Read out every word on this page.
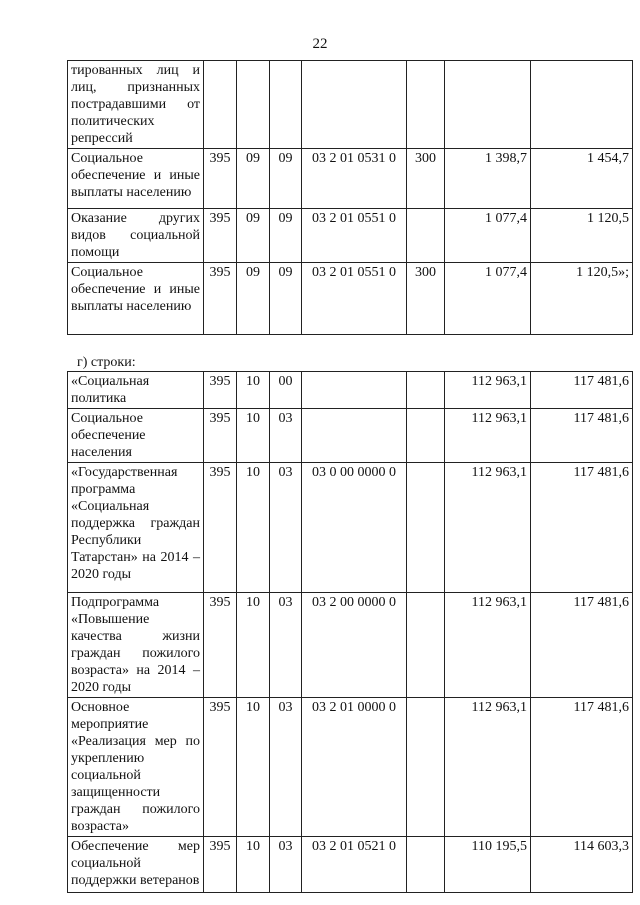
22
тированных лиц и лиц, признанных пострадавшими от политических репрессий							
Социальное обеспечение и иные выплаты населению	395	09	09	03 2 01 0531 0	300	1 398,7	1 454,7
Оказание других видов социальной помощи	395	09	09	03 2 01 0551 0		1 077,4	1 120,5
Социальное обеспечение и иные выплаты населению	395	09	09	03 2 01 0551 0	300	1 077,4	1 120,5»;
г) строки:
«Социальная политика	395	10	00			112 963,1	117 481,6
Социальное обеспечение населения	395	10	03			112 963,1	117 481,6
«Государственная программа «Социальная поддержка граждан Республики Татарстан» на 2014 – 2020 годы	395	10	03	03 0 00 0000 0		112 963,1	117 481,6
Подпрограмма «Повышение качества жизни граждан пожилого возраста» на 2014 – 2020 годы	395	10	03	03 2 00 0000 0		112 963,1	117 481,6
Основное мероприятие «Реализация мер по укреплению социальной защищенности граждан пожилого возраста»	395	10	03	03 2 01 0000 0		112 963,1	117 481,6
Обеспечение мер социальной поддержки ветеранов	395	10	03	03 2 01 0521 0		110 195,5	114 603,3
